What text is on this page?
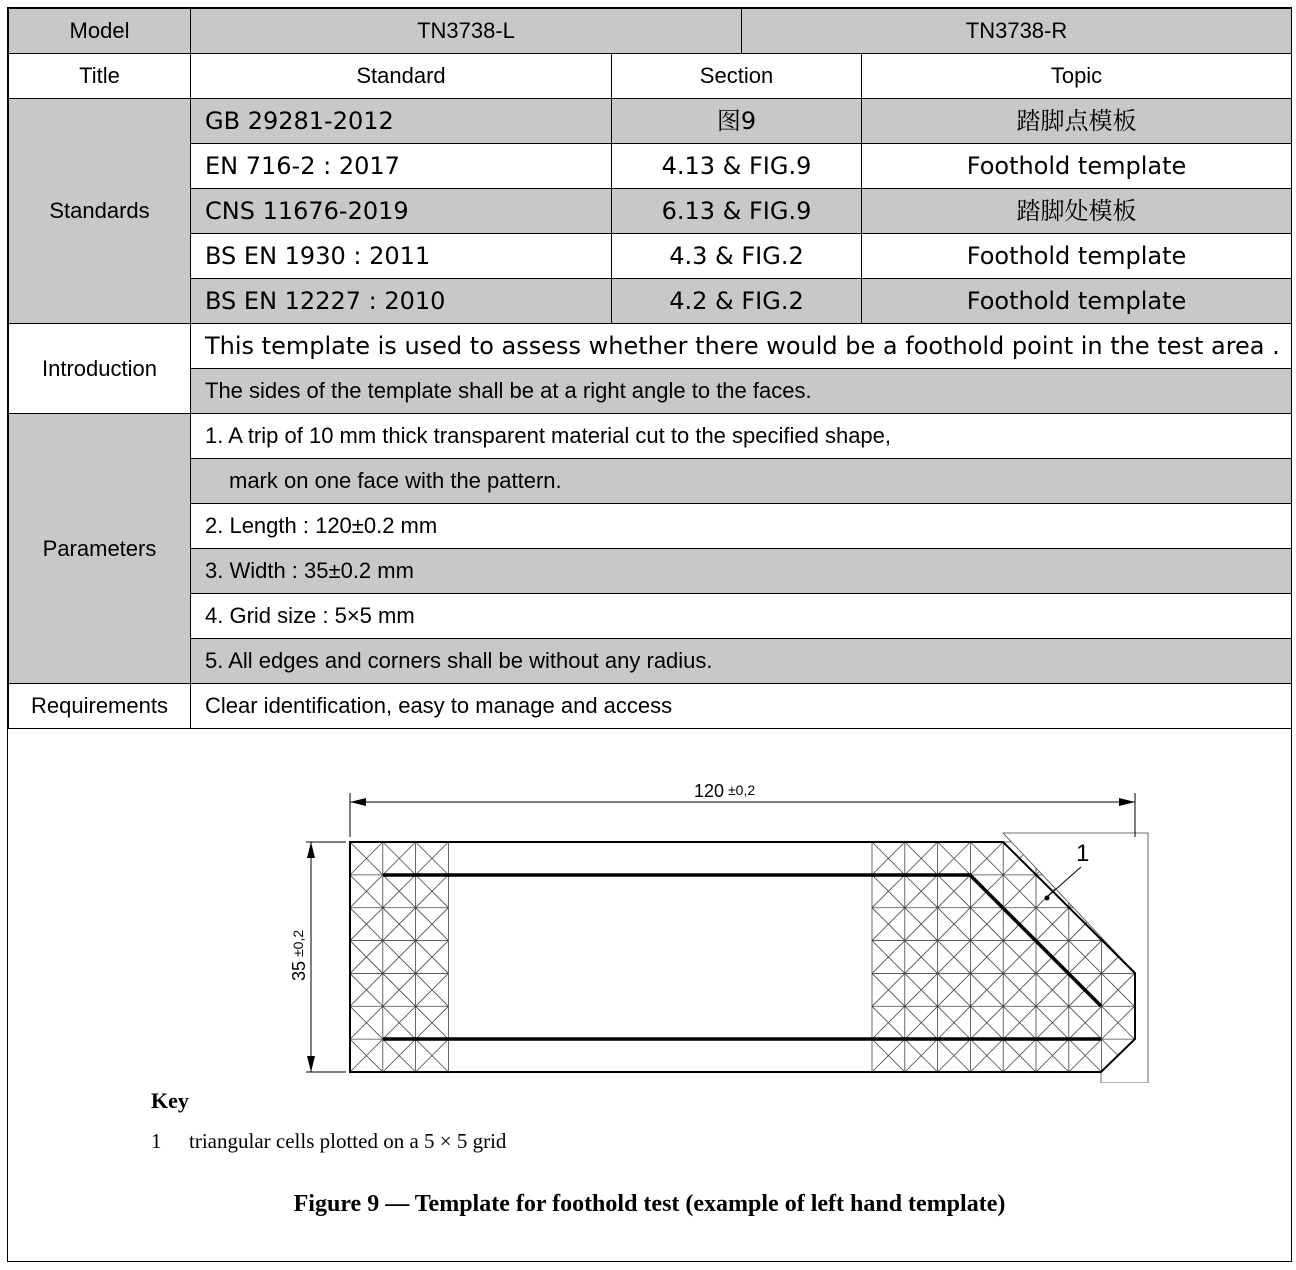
Model	TN3738-L		TN3738-R	
Title	Standard	Section		Topic
Standards	GB 29281-2012	图9		踏脚点模板
	EN 716-2 : 2017	4.13 & FIG.9		Foothold template
	CNS 11676-2019	6.13 & FIG.9		踏脚处模板
	BS EN 1930 : 2011	4.3 & FIG.2		Foothold template
	BS EN 12227 : 2010	4.2 & FIG.2		Foothold template
Introduction	This template is used to assess whether there would be a foothold point in the test area .			
	The sides of the template shall be at a right angle to the faces.			
Parameters	1. A trip of 10 mm thick transparent material cut to the specified shape,			
	mark on one face with the pattern.			
	2. Length : 120±0.2 mm			
	3. Width : 35±0.2 mm			
	4. Grid size : 5×5 mm			
	5. All edges and corners shall be without any radius.			
Requirements	Clear identification, easy to manage and access			
120 ±0,2
35
±0,2
1
Key
1 triangular cells plotted on a 5 × 5 grid
Figure 9 — Template for foothold test (example of left hand template)
